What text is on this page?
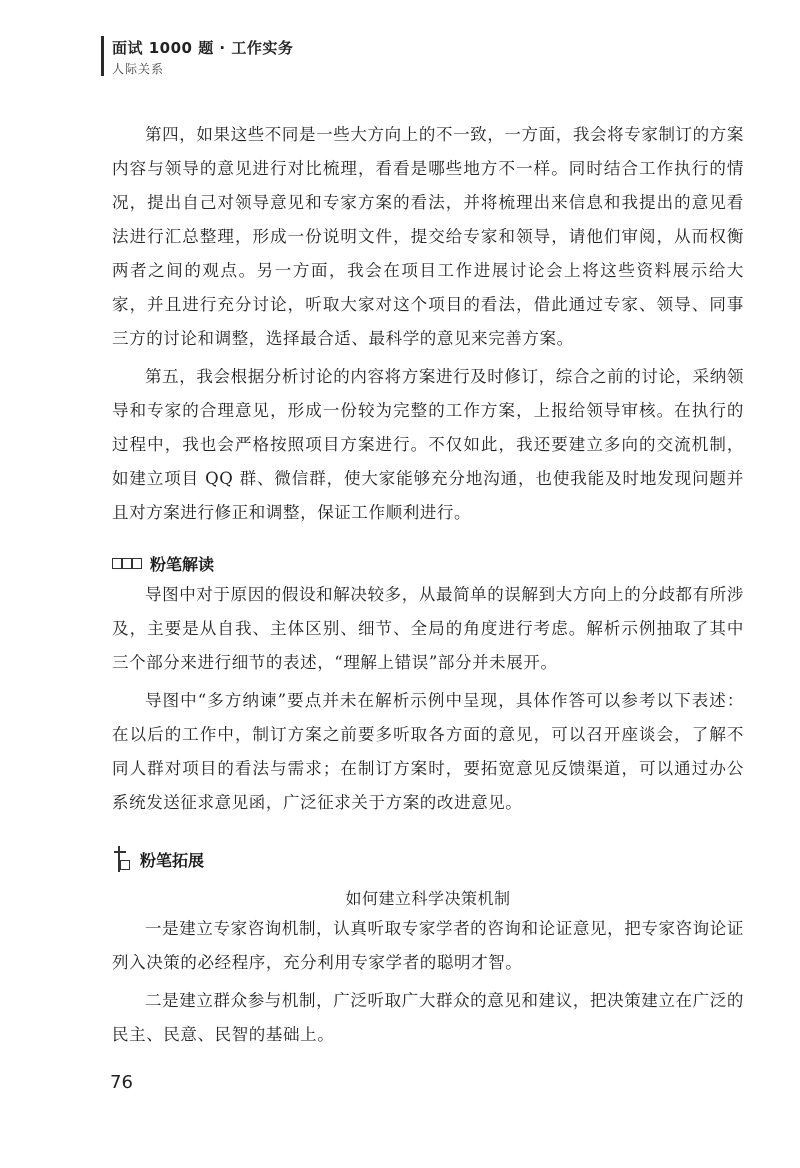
面试 1000 题 · 工作实务
人际关系

第四，如果这些不同是一些大方向上的不一致，一方面，我会将专家制订的方案内容与领导的意见进行对比梳理，看看是哪些地方不一样。同时结合工作执行的情况，提出自己对领导意见和专家方案的看法，并将梳理出来信息和我提出的意见看法进行汇总整理，形成一份说明文件，提交给专家和领导，请他们审阅，从而权衡两者之间的观点。另一方面，我会在项目工作进展讨论会上将这些资料展示给大家，并且进行充分讨论，听取大家对这个项目的看法，借此通过专家、领导、同事三方的讨论和调整，选择最合适、最科学的意见来完善方案。

第五，我会根据分析讨论的内容将方案进行及时修订，综合之前的讨论，采纳领导和专家的合理意见，形成一份较为完整的工作方案，上报给领导审核。在执行的过程中，我也会严格按照项目方案进行。不仅如此，我还要建立多向的交流机制，如建立项目 QQ 群、微信群，使大家能够充分地沟通，也使我能及时地发现问题并且对方案进行修正和调整，保证工作顺利进行。

粉笔解读

导图中对于原因的假设和解决较多，从最简单的误解到大方向上的分歧都有所涉及，主要是从自我、主体区别、细节、全局的角度进行考虑。解析示例抽取了其中三个部分来进行细节的表述，“理解上错误”部分并未展开。

导图中“多方纳谏”要点并未在解析示例中呈现，具体作答可以参考以下表述：在以后的工作中，制订方案之前要多听取各方面的意见，可以召开座谈会，了解不同人群对项目的看法与需求；在制订方案时，要拓宽意见反馈渠道，可以通过办公系统发送征求意见函，广泛征求关于方案的改进意见。

粉笔拓展
如何建立科学决策机制

一是建立专家咨询机制，认真听取专家学者的咨询和论证意见，把专家咨询论证列入决策的必经程序，充分利用专家学者的聪明才智。

二是建立群众参与机制，广泛听取广大群众的意见和建议，把决策建立在广泛的民主、民意、民智的基础上。

76
